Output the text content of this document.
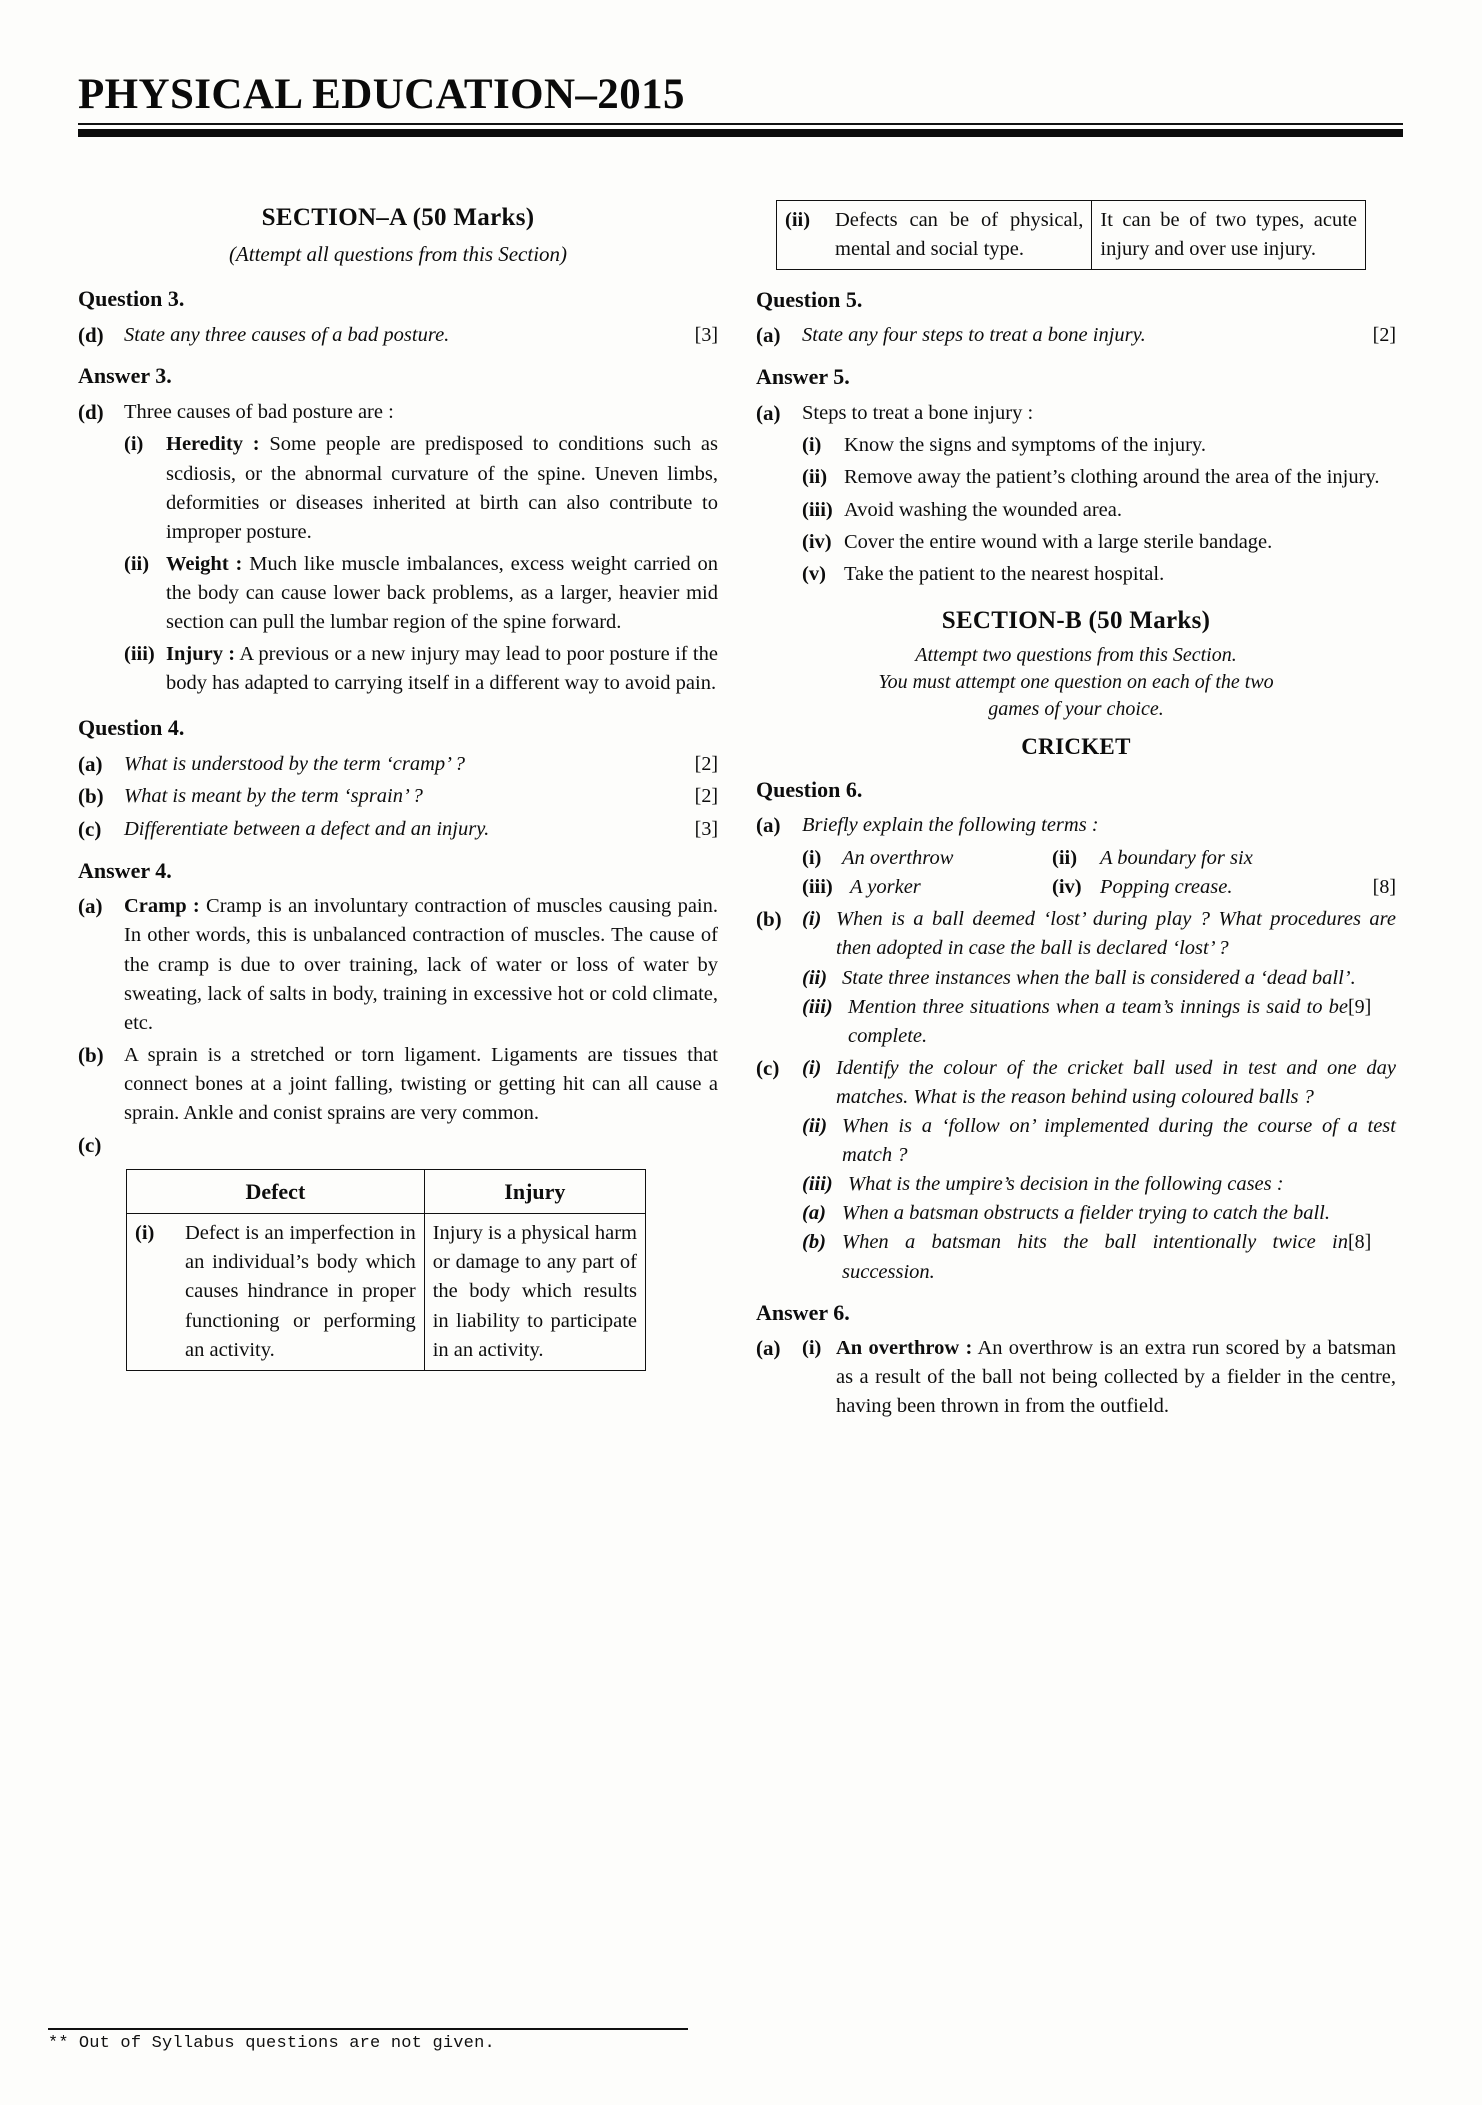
PHYSICAL EDUCATION–2015
SECTION–A (50 Marks)
(Attempt all questions from this Section)
Question 3.
(d) State any three causes of a bad posture.	[3]
Answer 3.
(d) Three causes of bad posture are :
(i)	Heredity : Some people are predisposed to conditions such as scdiosis, or the abnormal curvature of the spine. Uneven limbs, deformities or diseases inherited at birth can also contribute to improper posture.
(ii) Weight : Much like muscle imbalances, excess weight carried on the body can cause lower back problems, as a larger, heavier mid section can pull the lumbar region of the spine forward.
(iii) Injury : A previous or a new injury may lead to poor posture if the body has adapted to carrying itself in a different way to avoid pain.
Question 4.
(a)	What is understood by the term ‘cramp’ ?	[2]
(b) What is meant by the term ‘sprain’ ?	[2]
(c)	Differentiate between a defect and an injury.	[3]
Answer 4.
(a)	Cramp : Cramp is an involuntary contraction of muscles causing pain. In other words, this is unbalanced contraction of muscles. The cause of the cramp is due to over training, lack of water or loss of water by sweating, lack of salts in body, training in excessive hot or cold climate, etc.
(b) A sprain is a stretched or torn ligament. Ligaments are tissues that connect bones at a joint falling, twisting or getting hit can all cause a sprain. Ankle and conist sprains are very common.
(c)
Defect		Injury
(i)	Defect is an imperfection in an individual’s body which causes hindrance in proper functioning or performing an activity.	Injury is a physical harm or damage to any part of the body which results in liability to participate in an activity.
(ii)	Defects can be of physical, mental and social type.	It can be of two types, acute injury and over use injury.
Question 5.
(a)	State any four steps to treat a bone injury.	[2]
Answer 5.
(a)	Steps to treat a bone injury :
(i)	Know the signs and symptoms of the injury.
(ii) Remove away the patient’s clothing around the area of the injury.
(iii) Avoid washing the wounded area.
(iv) Cover the entire wound with a large sterile bandage.
(v) Take the patient to the nearest hospital.
SECTION-B (50 Marks)
Attempt two questions from this Section.
You must attempt one question on each of the two
games of your choice.
CRICKET
Question 6.
(a)	Briefly explain the following terms :
(i)	An overthrow	(ii)	A boundary for six
(iii) A yorker	(iv) Popping crease.	[8]
(b) (i) When is a ball deemed ‘lost’ during play ? What procedures are then adopted in case the ball is declared ‘lost’ ?
(ii) State three instances when the ball is considered a ‘dead ball’.
(iii) Mention three situations when a team’s innings is said to be complete.
[9]
(c)	(i) Identify the colour of the cricket ball used in test and one day matches. What is the reason behind using coloured balls ?
(ii) When is a ‘follow on’ implemented during the course of a test match ?
(iii) What is the umpire’s decision in the following cases :
(a) When a batsman obstructs a fielder trying to catch the ball.
(b) When a batsman hits the ball intentionally twice in succession.
[8]
Answer 6.
(a)	(i) An overthrow : An overthrow is an extra run scored by a batsman as a result of the ball not being collected by a fielder in the centre, having been thrown in from the outfield.
** Out of Syllabus questions are not given.
